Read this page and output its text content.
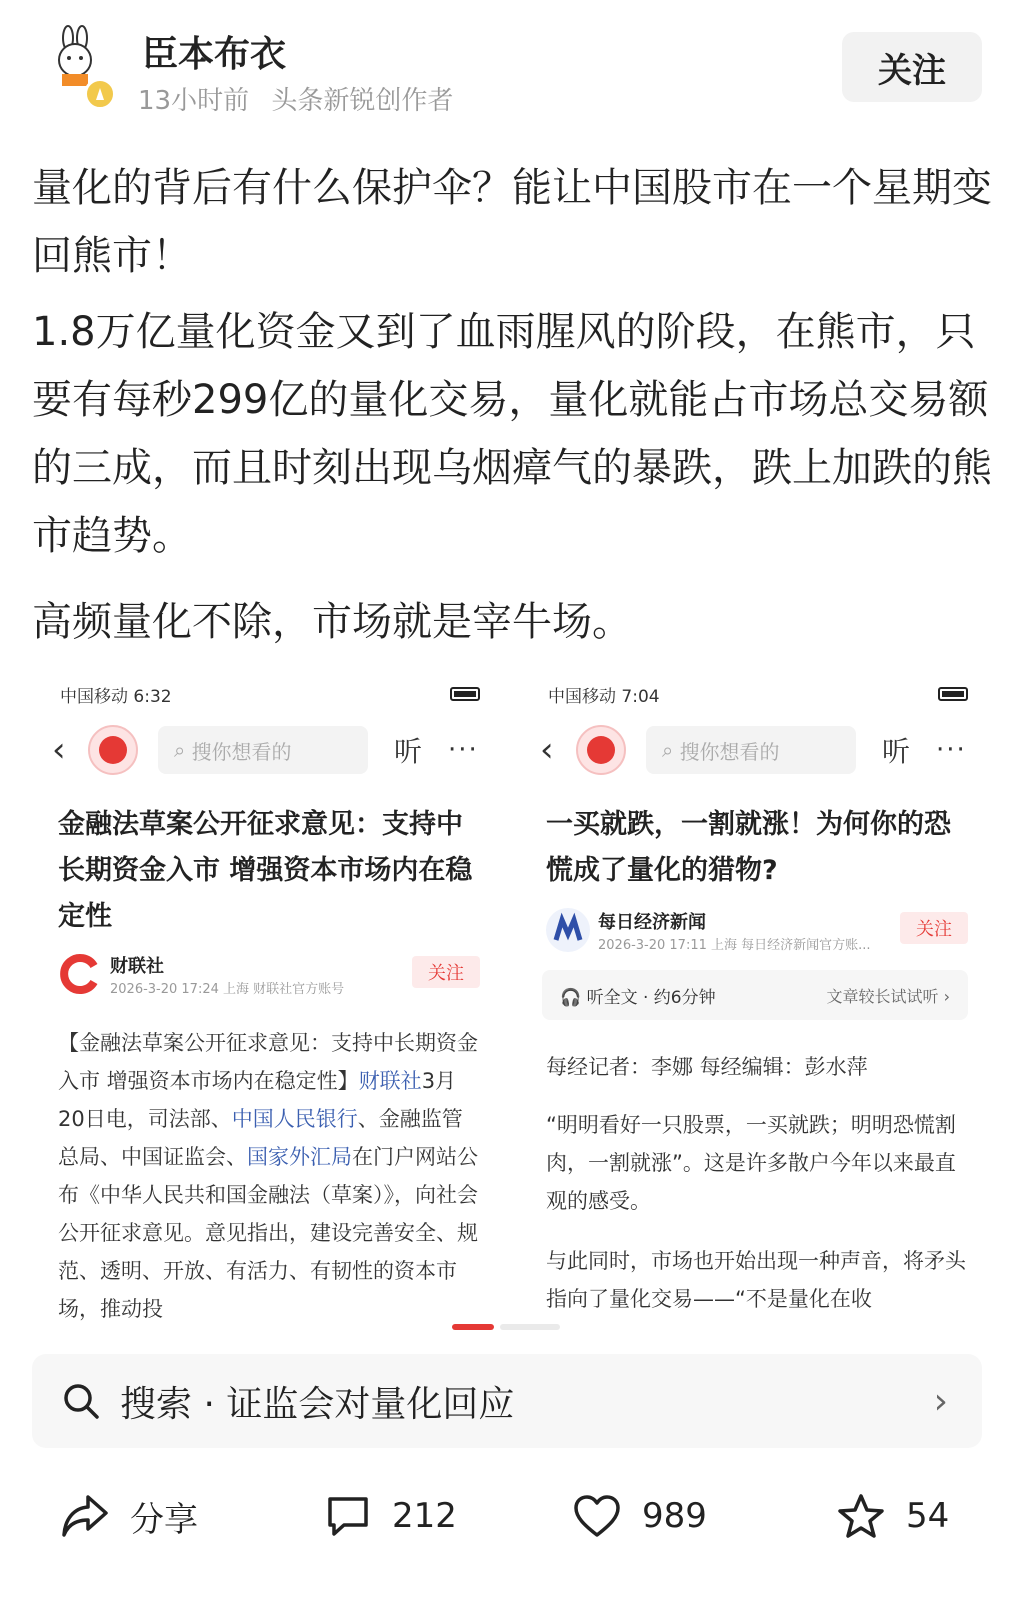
臣本布衣
13小时前 头条新锐创作者
关注

量化的背后有什么保护伞？能让中国股市在一个星期变回熊市！

1.8万亿量化资金又到了血雨腥风的阶段，在熊市，只要有每秒299亿的量化交易，量化就能占市场总交易额的三成，而且时刻出现乌烟瘴气的暴跌，跌上加跌的熊市趋势。

高频量化不除，市场就是宰牛场。

中国移动 6:32
‹	⌕ 搜你想看的	听 ···
金融法草案公开征求意见：支持中长期资金入市 增强资本市场内在稳定性
财联社
2026-3-20 17:24 上海 财联社官方账号
关注
【金融法草案公开征求意见：支持中长期资金入市 增强资本市场内在稳定性】财联社3月20日电，司法部、中国人民银行、金融监管总局、中国证监会、国家外汇局在门户网站公布《中华人民共和国金融法（草案）》，向社会公开征求意见。意见指出，建设完善安全、规范、透明、开放、有活力、有韧性的资本市场，推动投
中国移动 7:04
‹	⌕ 搜你想看的	听 ···
一买就跌，一割就涨！为何你的恐慌成了量化的猎物?
每日经济新闻
2026-3-20 17:11 上海 每日经济新闻官方账...
关注
🎧 听全文 · 约6分钟	文章较长试试听 ›
每经记者：李娜 每经编辑：彭水萍
“明明看好一只股票，一买就跌；明明恐慌割肉，一割就涨”。这是许多散户今年以来最直观的感受。
与此同时，市场也开始出现一种声音，将矛头指向了量化交易——“不是量化在收
搜索 · 证监会对量化回应	›
分享	212	989	54
